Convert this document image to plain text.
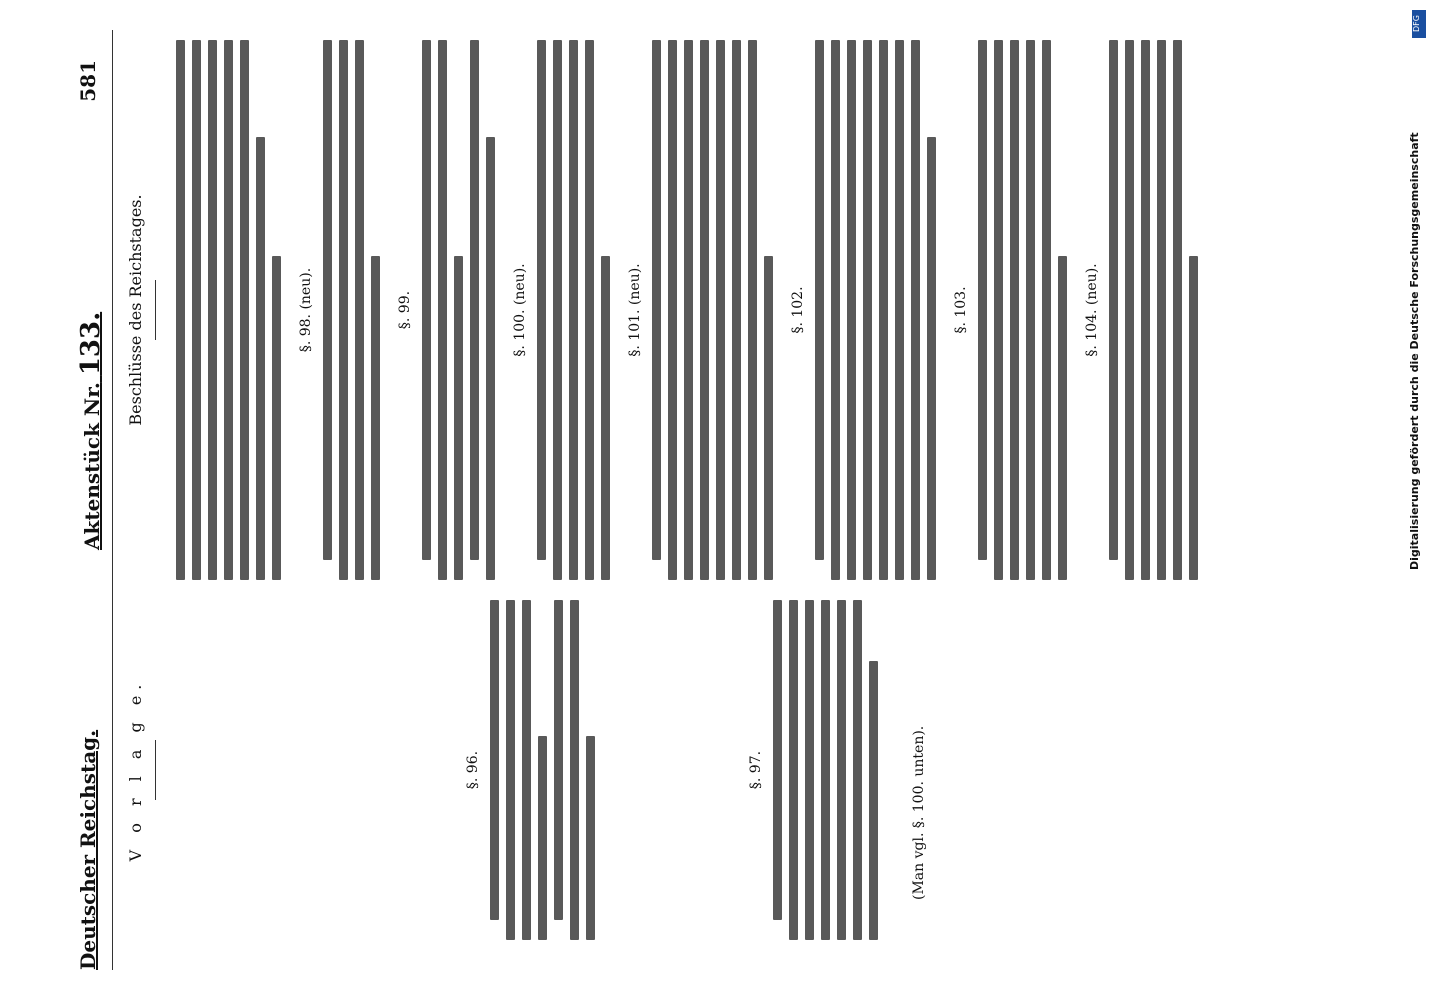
Deutscher Reichstag.
Aktenstück Nr. 133.
581
V o r l a g e.	§. 96.	§. 97.	(Man vgl. §. 100. unten).
Beschlüsse des Reichstages.	§. 98. (neu).	§. 99.	§. 100. (neu).	§. 101. (neu).	§. 102.	§. 103.	§. 104. (neu).
DFG
Digitalisierung gefördert durch die Deutsche Forschungsgemeinschaft
